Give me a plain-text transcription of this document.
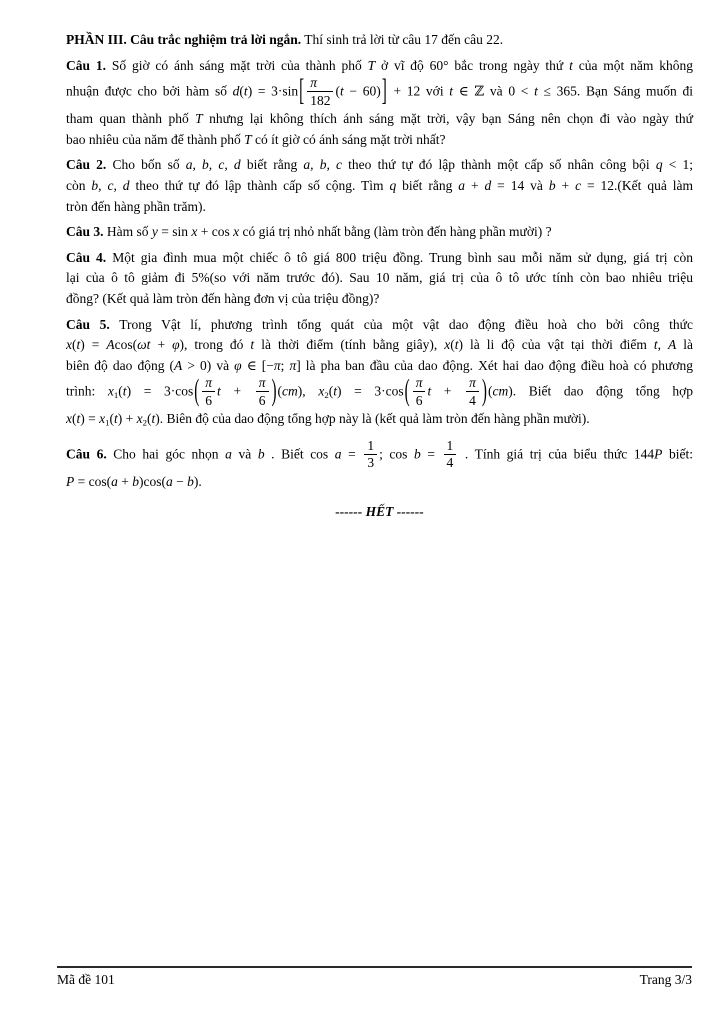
PHẦN III. Câu trắc nghiệm trả lời ngắn. Thí sinh trả lời từ câu 17 đến câu 22.
Câu 1. Số giờ có ánh sáng mặt trời của thành phố T ở vĩ độ 60° bắc trong ngày thứ t của một năm không
nhuận được cho bởi hàm số $d(t) = 3\cdot\sin[ \frac{\pi}{182} (t - 60)] + 12$ với t ∈ ℤ và 0 < t ≤ 365. Bạn Sáng muốn đi
tham quan thành phố T nhưng lại không thích ánh sáng mặt trời, vậy bạn Sáng nên chọn đi vào ngày thứ
bao nhiêu của năm để thành phố T có ít giờ có ánh sáng mặt trời nhất?
Câu 2. Cho bốn số a, b, c, d biết rằng a, b, c theo thứ tự đó lập thành một cấp số nhân công bội q < 1;
còn b, c, d theo thứ tự đó lập thành cấp số cộng. Tìm q biết rằng a + d = 14 và b + c = 12.(Kết quả làm
tròn đến hàng phần trăm).
Câu 3. Hàm số y = sin x + cos x có giá trị nhỏ nhất bằng (làm tròn đến hàng phần mười) ?
Câu 4. Một gia đình mua một chiếc ô tô giá 800 triệu đồng. Trung bình sau mỗi năm sử dụng, giá trị còn
lại của ô tô giảm đi 5%(so với năm trước đó). Sau 10 năm, giá trị của ô tô ước tính còn bao nhiêu triệu
đồng? (Kết quả làm tròn đến hàng đơn vị của triệu đồng)?
Câu 5. Trong Vật lí, phương trình tổng quát của một vật dao động điều hoà cho bởi công thức
x(t) = Acos(ωt + φ), trong đó t là thời điểm (tính bằng giây), x(t) là li độ của vật tại thời điểm t, A là
biên độ dao động (A > 0) và φ ∈ [−π; π] là pha ban đầu của dao động. Xét hai dao động điều hoà có phương
trình: $x1(t) = 3\cdot\cos( \frac{\pi}{6}$ $t + \frac{\pi}{6} )(cm)$, $x2(t) = 3\cdot\cos( \frac{\pi}{6}$ $t + \frac{\pi}{4} )(cm)$. Biết dao động tổng hợp
x(t) = x1(t) + x2(t). Biên độ của dao động tổng hợp này là (kết quả làm tròn đến hàng phần mười).
Câu 6. Cho hai góc nhọn a và b . Biết $\cos a = \frac{1}{3}$ ; $\cos b = \frac{1}{4}$ . Tính giá trị của biểu thức 144P biết:
P = cos(a + b)cos(a − b).
------ HẾT ------
Mã đề 101	Trang 3/3
